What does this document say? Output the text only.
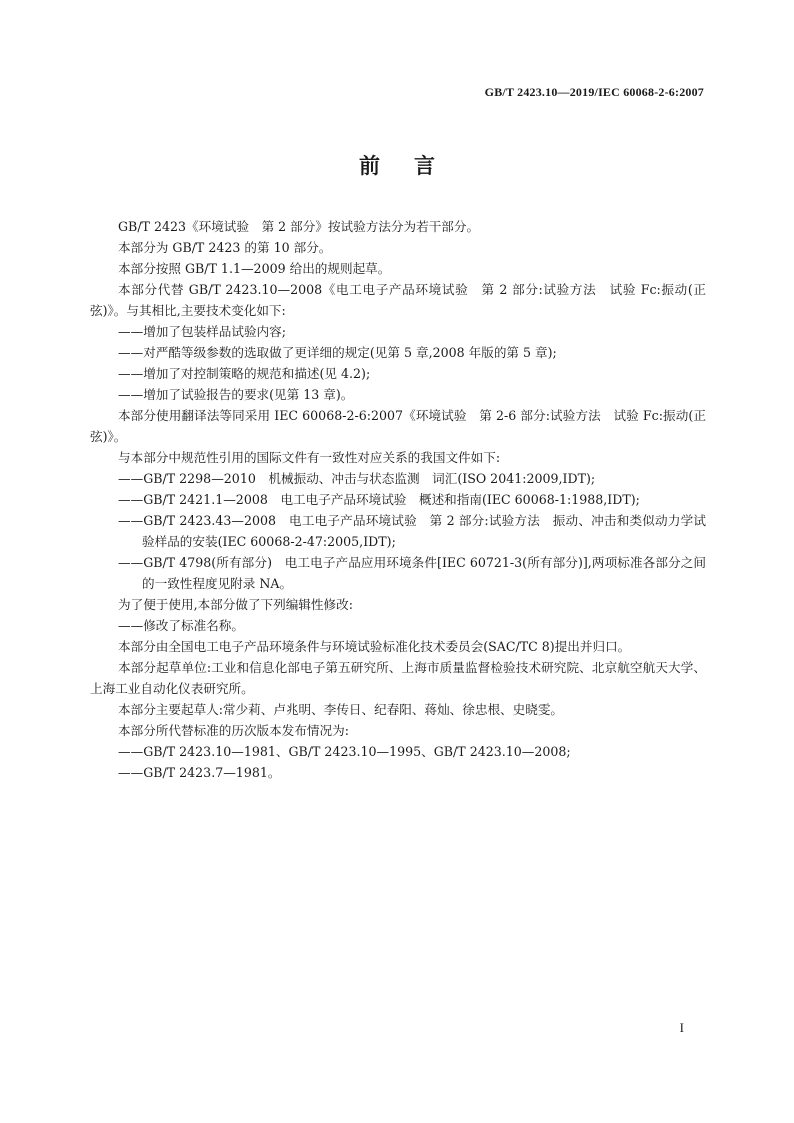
GB/T 2423.10—2019/IEC 60068-2-6:2007
前 言

GB/T 2423《环境试验　第 2 部分》按试验方法分为若干部分。

本部分为 GB/T 2423 的第 10 部分。

本部分按照 GB/T 1.1—2009 给出的规则起草。

本部分代替 GB/T 2423.10—2008《电工电子产品环境试验　第 2 部分:试验方法　试验 Fc:振动(正弦)》。与其相比,主要技术变化如下:

——增加了包装样品试验内容;

——对严酷等级参数的选取做了更详细的规定(见第 5 章,2008 年版的第 5 章);

——增加了对控制策略的规范和描述(见 4.2);

——增加了试验报告的要求(见第 13 章)。

本部分使用翻译法等同采用 IEC 60068-2-6:2007《环境试验　第 2-6 部分:试验方法　试验 Fc:振动(正弦)》。

与本部分中规范性引用的国际文件有一致性对应关系的我国文件如下:

——GB/T 2298—2010　机械振动、冲击与状态监测　词汇(ISO 2041:2009,IDT);

——GB/T 2421.1—2008　电工电子产品环境试验　概述和指南(IEC 60068-1:1988,IDT);

——GB/T 2423.43—2008　电工电子产品环境试验　第 2 部分:试验方法　振动、冲击和类似动力学试验样品的安装(IEC 60068-2-47:2005,IDT);

——GB/T 4798(所有部分)　电工电子产品应用环境条件[IEC 60721-3(所有部分)],两项标准各部分之间的一致性程度见附录 NA。

为了便于使用,本部分做了下列编辑性修改:

——修改了标准名称。

本部分由全国电工电子产品环境条件与环境试验标准化技术委员会(SAC/TC 8)提出并归口。

本部分起草单位:工业和信息化部电子第五研究所、上海市质量监督检验技术研究院、北京航空航天大学、上海工业自动化仪表研究所。

本部分主要起草人:常少莉、卢兆明、李传日、纪春阳、蒋灿、徐忠根、史晓雯。

本部分所代替标准的历次版本发布情况为:

——GB/T 2423.10—1981、GB/T 2423.10—1995、GB/T 2423.10—2008;

——GB/T 2423.7—1981。

I
